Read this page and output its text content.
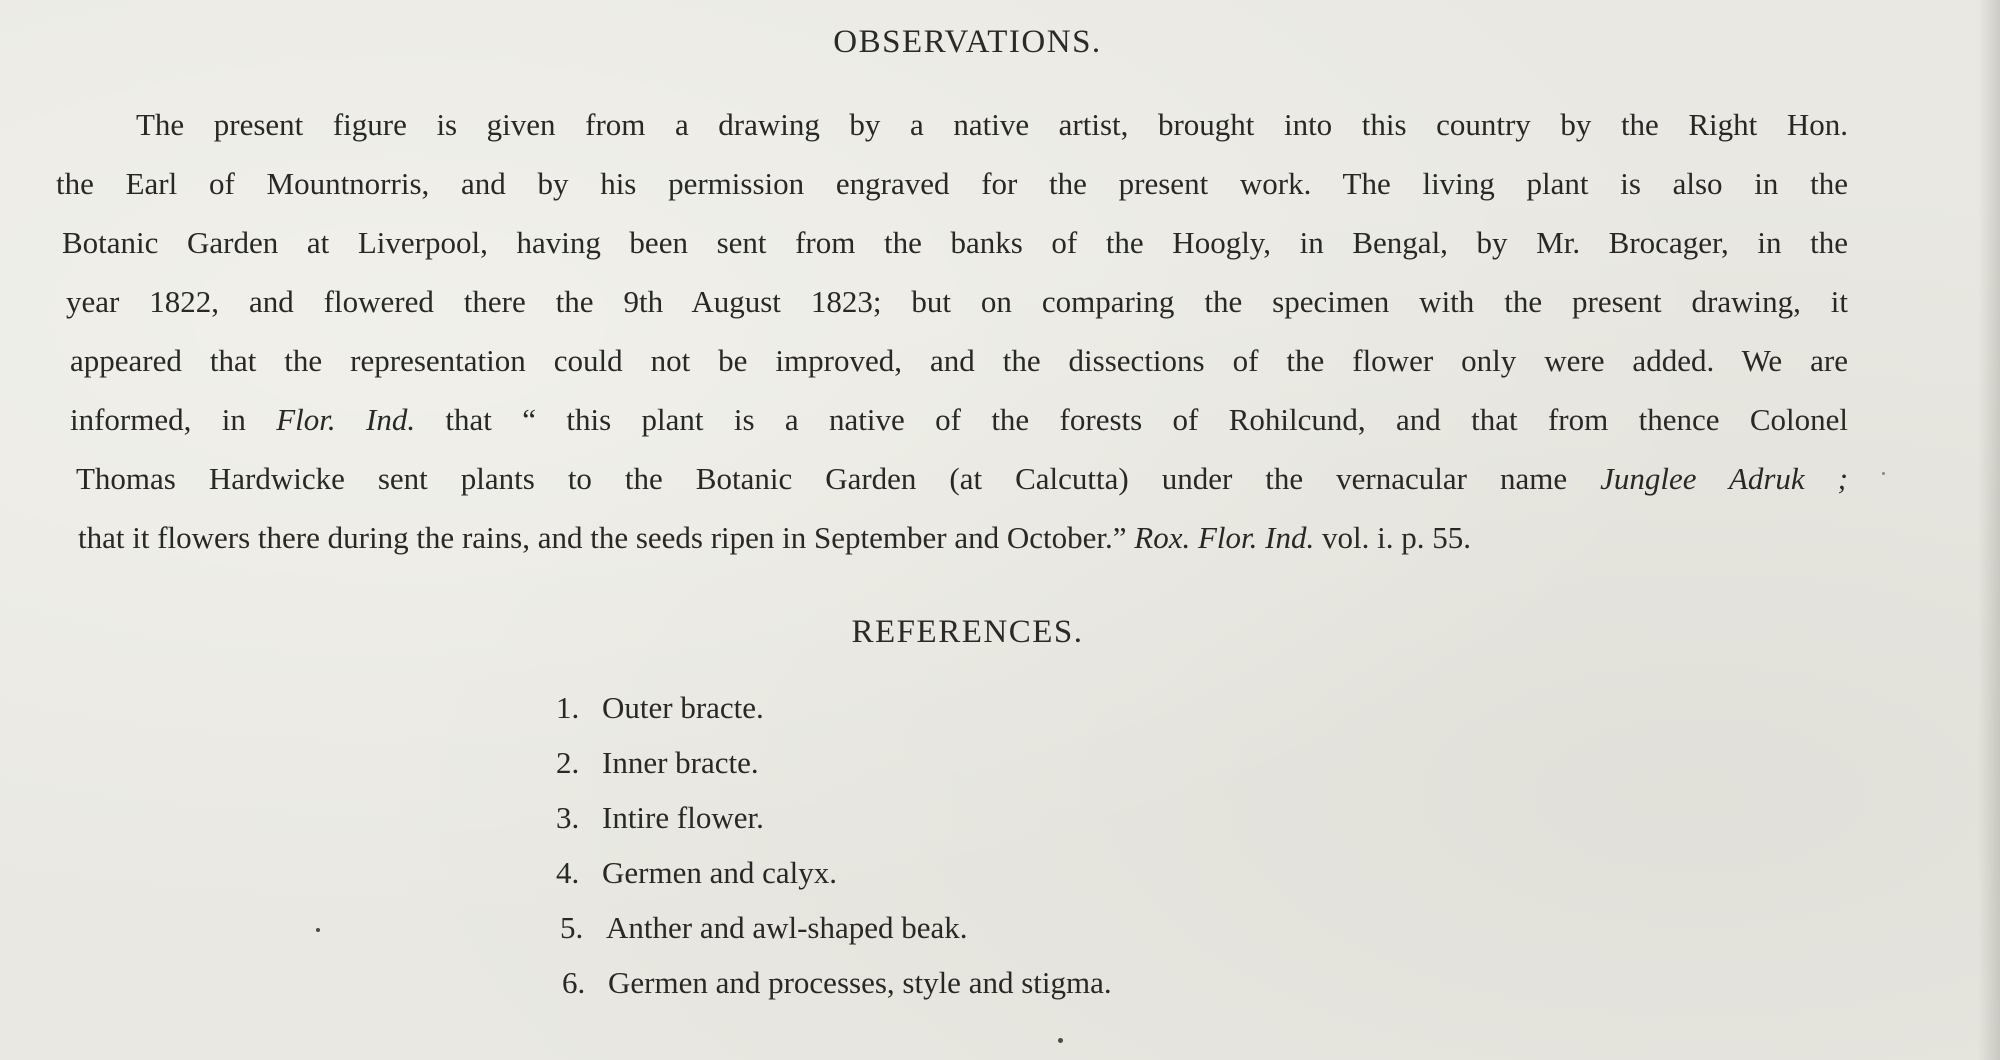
OBSERVATIONS.
The present figure is given from a drawing by a native artist, brought into this country by the Right Hon.
the Earl of Mountnorris, and by his permission engraved for the present work. The living plant is also in the
Botanic Garden at Liverpool, having been sent from the banks of the Hoogly, in Bengal, by Mr. Brocager, in the
year 1822, and flowered there the 9th August 1823; but on comparing the specimen with the present drawing, it
appeared that the representation could not be improved, and the dissections of the flower only were added. We are
informed, in Flor. Ind. that “ this plant is a native of the forests of Rohilcund, and that from thence Colonel
Thomas Hardwicke sent plants to the Botanic Garden (at Calcutta) under the vernacular name Junglee Adruk ;
that it flowers there during the rains, and the seeds ripen in September and October.” Rox. Flor. Ind. vol. i. p. 55.
REFERENCES.
1. Outer bracte.
2. Inner bracte.
3. Intire flower.
4. Germen and calyx.
5. Anther and awl-shaped beak.
6. Germen and processes, style and stigma.
